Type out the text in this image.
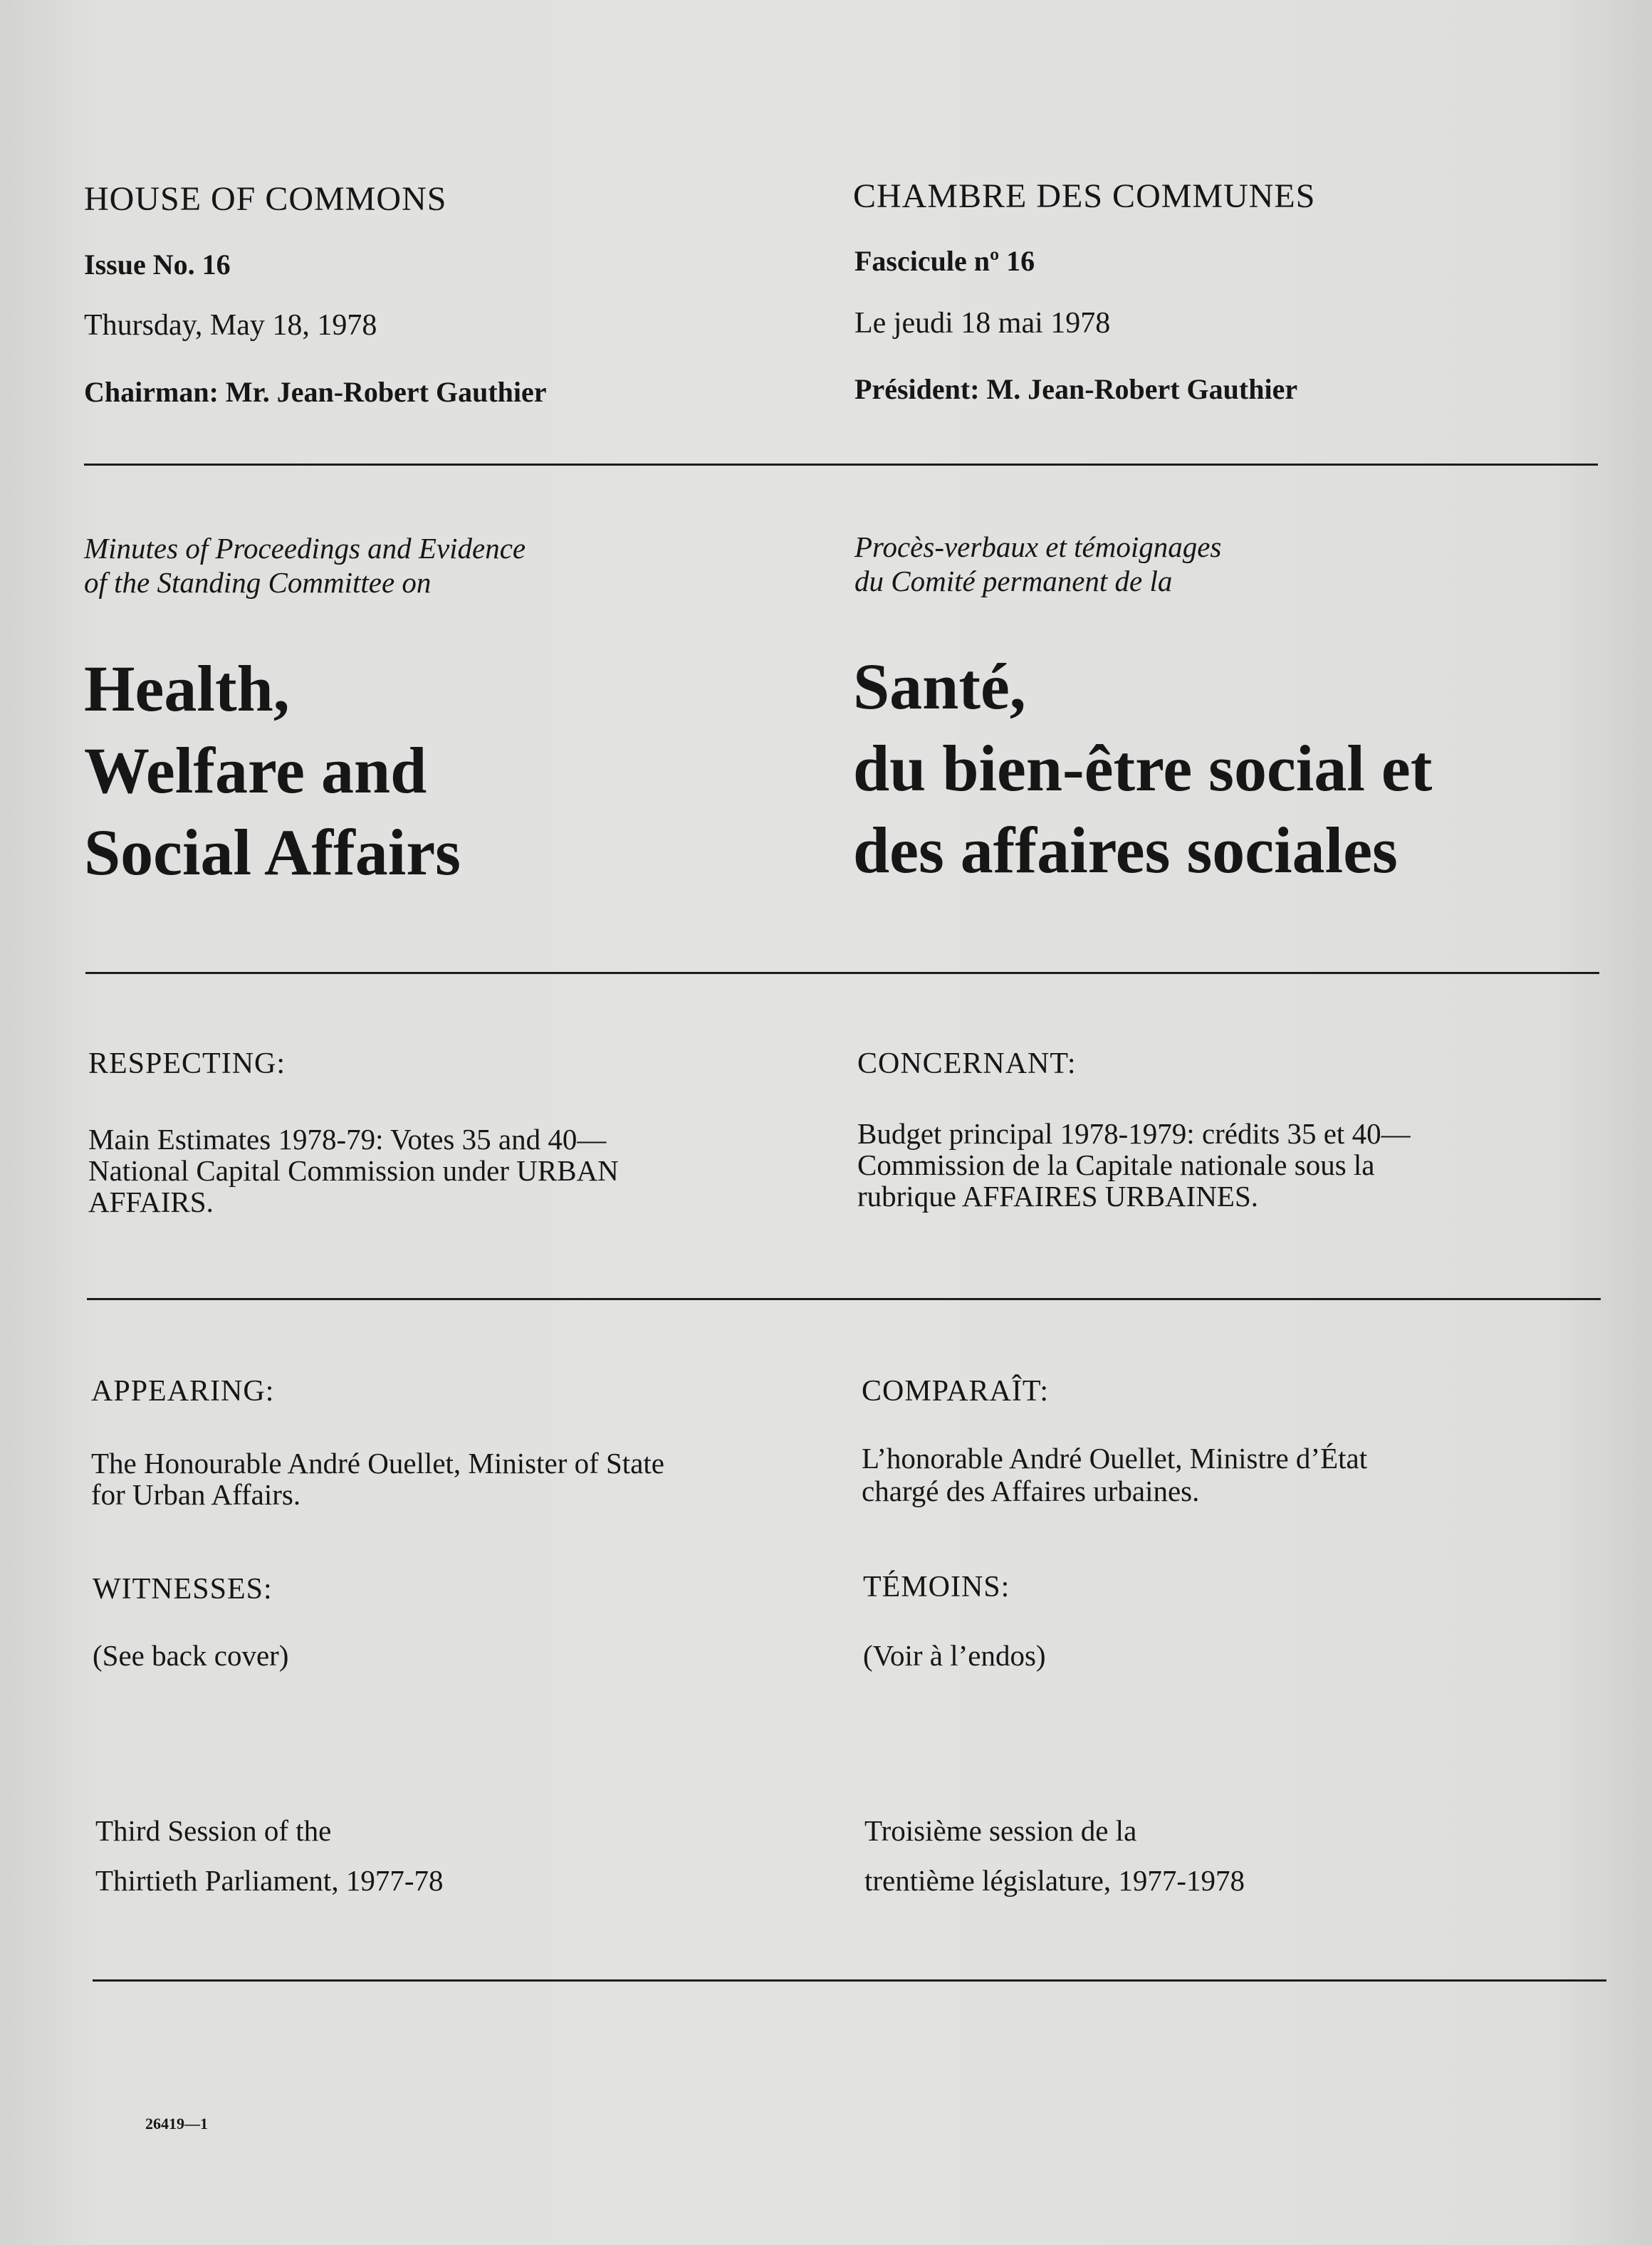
HOUSE OF COMMONS
Issue No. 16
Thursday, May 18, 1978
Chairman: Mr. Jean-Robert Gauthier
Minutes of Proceedings and Evidence
of the Standing Committee on
Health,
Welfare and
Social Affairs
RESPECTING:
Main Estimates 1978-79: Votes 35 and 40—
National Capital Commission under URBAN
AFFAIRS.
APPEARING:
The Honourable André Ouellet, Minister of State
for Urban Affairs.
WITNESSES:
(See back cover)
Third Session of the
Thirtieth Parliament, 1977-78
CHAMBRE DES COMMUNES
Fascicule nº 16
Le jeudi 18 mai 1978
Président: M. Jean-Robert Gauthier
Procès-verbaux et témoignages
du Comité permanent de la
Santé,
du bien-être social et
des affaires sociales
CONCERNANT:
Budget principal 1978-1979: crédits 35 et 40—
Commission de la Capitale nationale sous la
rubrique AFFAIRES URBAINES.
COMPARAÎT:
L’honorable André Ouellet, Ministre d’État
chargé des Affaires urbaines.
TÉMOINS:
(Voir à l’endos)
Troisième session de la
trentième législature, 1977-1978
26419—1
